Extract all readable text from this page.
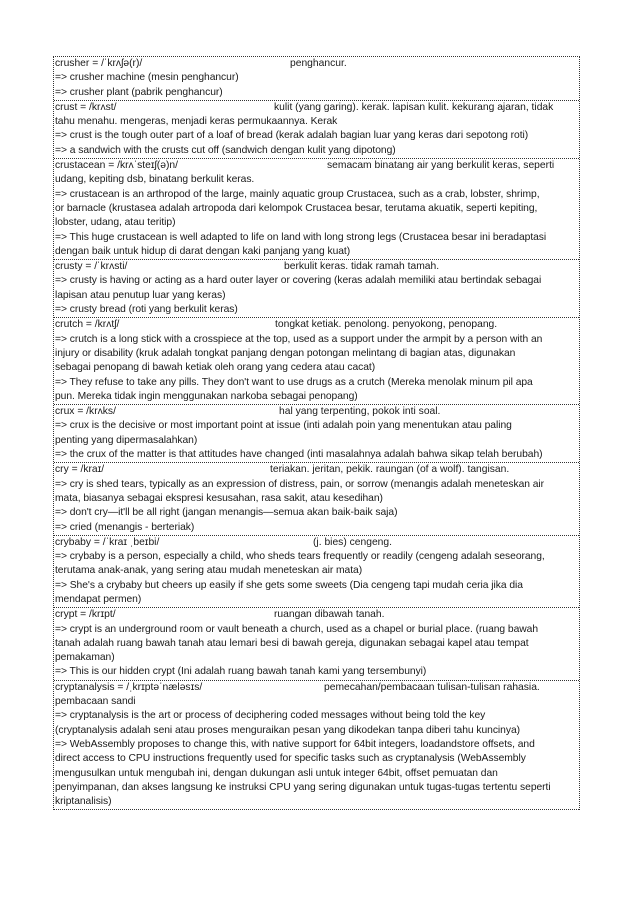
crusher = /ˈkrʌʃə(r)/	penghancur.
=> crusher machine (mesin penghancur)
=> crusher plant (pabrik penghancur)
crust = /krʌst/	kulit (yang garing). kerak. lapisan kulit. kekurang ajaran, tidak
tahu menahu. mengeras, menjadi keras permukaannya. Kerak
=> crust is the tough outer part of a loaf of bread (kerak adalah bagian luar yang keras dari sepotong roti)
=> a sandwich with the crusts cut off (sandwich dengan kulit yang dipotong)
crustacean = /krʌˈsteɪʃ(ə)n/	semacam binatang air yang berkulit keras, seperti
udang, kepiting dsb, binatang berkulit keras.
=> crustacean is an arthropod of the large, mainly aquatic group Crustacea, such as a crab, lobster, shrimp,
or barnacle (krustasea adalah artropoda dari kelompok Crustacea besar, terutama akuatik, seperti kepiting,
lobster, udang, atau teritip)
=> This huge crustacean is well adapted to life on land with long strong legs (Crustacea besar ini beradaptasi
dengan baik untuk hidup di darat dengan kaki panjang yang kuat)
crusty = /ˈkrʌsti/	berkulit keras. tidak ramah tamah.
=> crusty is having or acting as a hard outer layer or covering (keras adalah memiliki atau bertindak sebagai
lapisan atau penutup luar yang keras)
=> crusty bread (roti yang berkulit keras)
crutch = /krʌtʃ/	tongkat ketiak. penolong. penyokong, penopang.
=> crutch is a long stick with a crosspiece at the top, used as a support under the armpit by a person with an
injury or disability (kruk adalah tongkat panjang dengan potongan melintang di bagian atas, digunakan
sebagai penopang di bawah ketiak oleh orang yang cedera atau cacat)
=> They refuse to take any pills. They don't want to use drugs as a crutch (Mereka menolak minum pil apa
pun. Mereka tidak ingin menggunakan narkoba sebagai penopang)
crux = /krʌks/	hal yang terpenting, pokok inti soal.
=> crux is the decisive or most important point at issue (inti adalah poin yang menentukan atau paling
penting yang dipermasalahkan)
=> the crux of the matter is that attitudes have changed (inti masalahnya adalah bahwa sikap telah berubah)
cry = /kraɪ/	teriakan. jeritan, pekik. raungan (of a wolf). tangisan.
=> cry is shed tears, typically as an expression of distress, pain, or sorrow (menangis adalah meneteskan air
mata, biasanya sebagai ekspresi kesusahan, rasa sakit, atau kesedihan)
=> don't cry—it'll be all right (jangan menangis—semua akan baik-baik saja)
=> cried (menangis - berteriak)
crybaby = /ˈkraɪ ˌbeɪbi/	(j. bies) cengeng.
=> crybaby is a person, especially a child, who sheds tears frequently or readily (cengeng adalah seseorang,
terutama anak-anak, yang sering atau mudah meneteskan air mata)
=> She's a crybaby but cheers up easily if she gets some sweets (Dia cengeng tapi mudah ceria jika dia
mendapat permen)
crypt = /krɪpt/	ruangan dibawah tanah.
=> crypt is an underground room or vault beneath a church, used as a chapel or burial place. (ruang bawah
tanah adalah ruang bawah tanah atau lemari besi di bawah gereja, digunakan sebagai kapel atau tempat
pemakaman)
=> This is our hidden crypt (Ini adalah ruang bawah tanah kami yang tersembunyi)
cryptanalysis = /ˌkrɪptəˈnæləsɪs/	pemecahan/pembacaan tulisan-tulisan rahasia.
pembacaan sandi
=> cryptanalysis is the art or process of deciphering coded messages without being told the key
(cryptanalysis adalah seni atau proses menguraikan pesan yang dikodekan tanpa diberi tahu kuncinya)
=> WebAssembly proposes to change this, with native support for 64bit integers, loadandstore offsets, and
direct access to CPU instructions frequently used for specific tasks such as cryptanalysis (WebAssembly
mengusulkan untuk mengubah ini, dengan dukungan asli untuk integer 64bit, offset pemuatan dan
penyimpanan, dan akses langsung ke instruksi CPU yang sering digunakan untuk tugas-tugas tertentu seperti
kriptanalisis)
